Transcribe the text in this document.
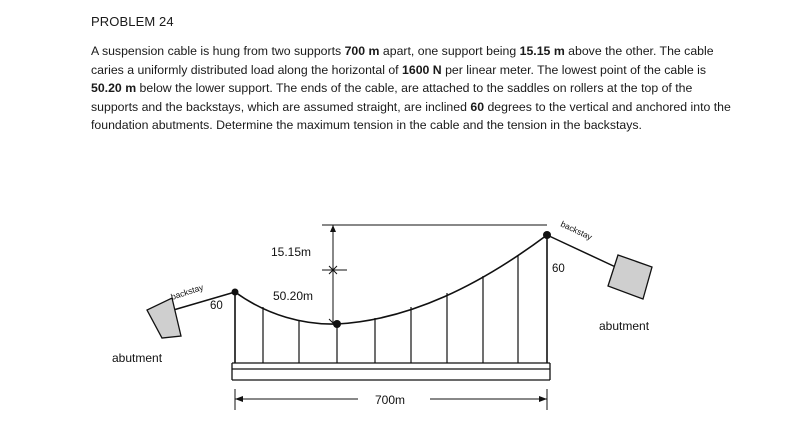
PROBLEM 24

A suspension cable is hung from two supports 700 m apart, one support being 15.15 m above the other. The cable caries a uniformly distributed load along the horizontal of 1600 N per linear meter. The lowest point of the cable is 50.20 m below the lower support. The ends of the cable, are attached to the saddles on rollers at the top of the supports and the backstays, which are assumed straight, are inclined 60 degrees to the vertical and anchored into the foundation abutments. Determine the maximum tension in the cable and the tension in the backstays.

15.15m
50.20m
700m
60
60
backstay
backstay
abutment
abutment
